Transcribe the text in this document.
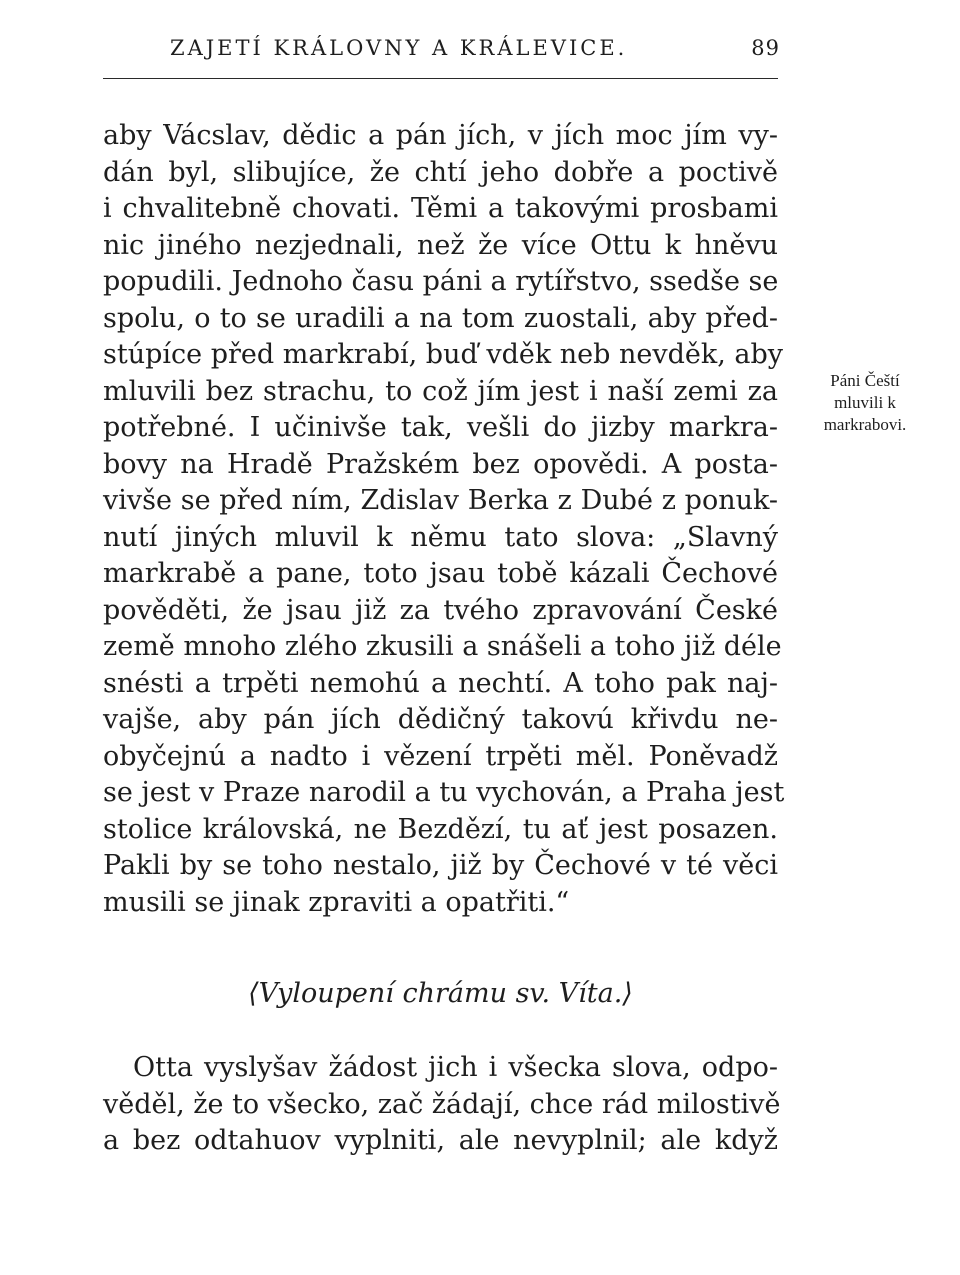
ZAJETÍ KRÁLOVNY A KRÁLEVICE.	89
aby Vácslav, dědic a pán jích, v jích moc jím vy-
dán byl, slibujíce, že chtí jeho dobře a poctivě
i chvalitebně chovati. Těmi a takovými prosbami
nic jiného nezjednali, než že více Ottu k hněvu
popudili. Jednoho času páni a rytířstvo, ssedše se
spolu, o to se uradili a na tom zuostali, aby před-
stúpíce před markrabí, buď vděk neb nevděk, aby
mluvili bez strachu, to což jím jest i naší zemi za
potřebné. I učinivše tak, vešli do jizby markra-
bovy na Hradě Pražském bez opovědi. A posta-
vivše se před ním, Zdislav Berka z Dubé z ponuk-
nutí jiných mluvil k němu tato slova: „Slavný
markrabě a pane, toto jsau tobě kázali Čechové
pověděti, že jsau již za tvého zpravování České
země mnoho zlého zkusili a snášeli a toho již déle
snésti a trpěti nemohú a nechtí. A toho pak naj-
vajše, aby pán jích dědičný takovú křivdu ne-
obyčejnú a nadto i vězení trpěti měl. Poněvadž
se jest v Praze narodil a tu vychován, a Praha jest
stolice královská, ne Bezdězí, tu ať jest posazen.
Pakli by se toho nestalo, již by Čechové v té věci
musili se jinak zpraviti a opatřiti.“
Páni Čeští
mluvili k
markrabovi.
⟨Vyloupení chrámu sv. Víta.⟩
Otta vyslyšav žádost jich i všecka slova, odpo-
věděl, že to všecko, zač žádají, chce rád milostivě
a bez odtahuov vyplniti, ale nevyplnil; ale když
